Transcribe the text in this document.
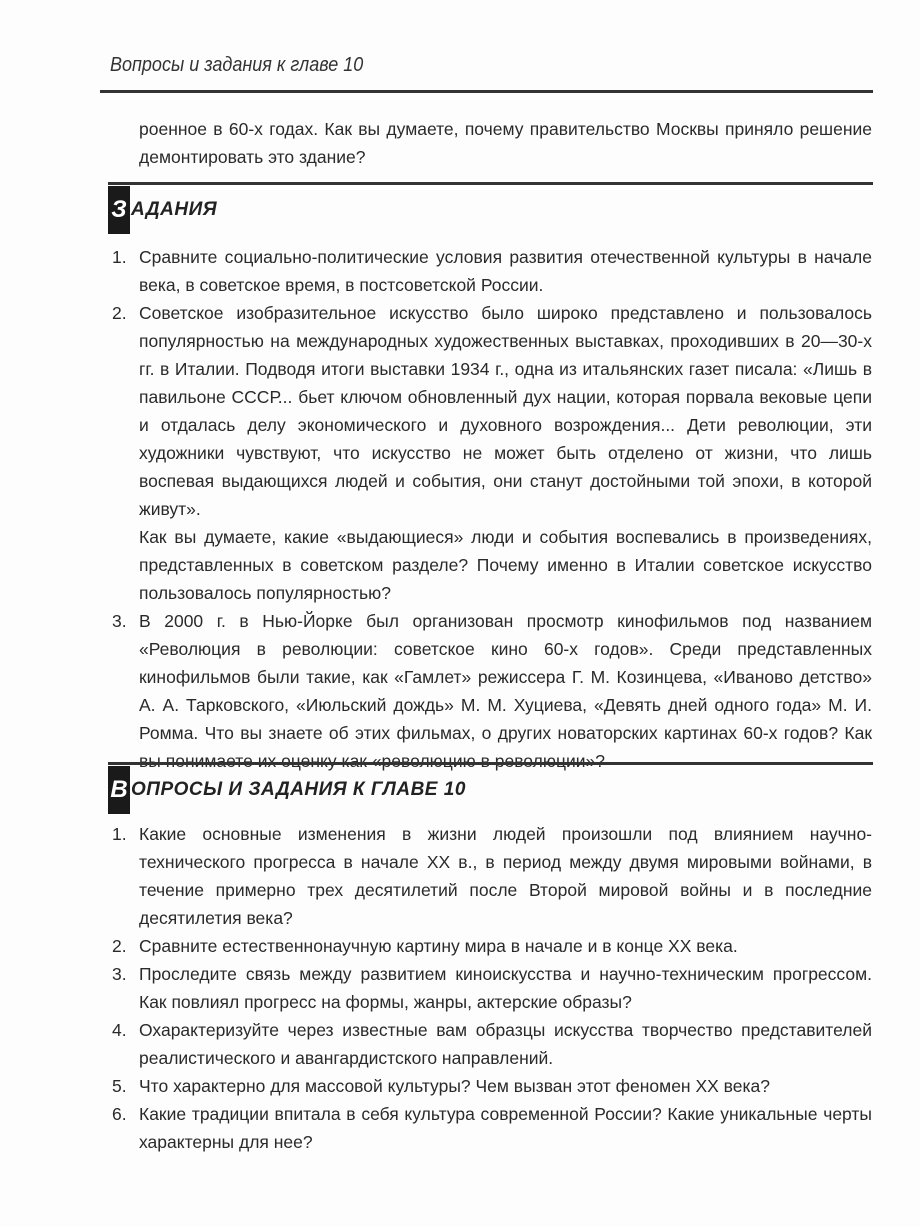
Вопросы и задания к главе 10
роенное в 60-х годах. Как вы думаете, почему правительство Москвы приняло решение демонтировать это здание?
З АДАНИЯ
1. Сравните социально-политические условия развития отечественной культуры в начале века, в советское время, в постсоветской России.
2. Советское изобразительное искусство было широко представлено и пользовалось популярностью на международных художественных выставках, проходивших в 20—30-х гг. в Италии. Подводя итоги выставки 1934 г., одна из итальянских газет писала: «Лишь в павильоне СССР... бьет ключом обновленный дух нации, которая порвала вековые цепи и отдалась делу экономического и духовного возрождения... Дети революции, эти художники чувствуют, что искусство не может быть отделено от жизни, что лишь воспевая выдающихся людей и события, они станут достойными той эпохи, в которой живут».
Как вы думаете, какие «выдающиеся» люди и события воспевались в произведениях, представленных в советском разделе? Почему именно в Италии советское искусство пользовалось популярностью?
3. В 2000 г. в Нью-Йорке был организован просмотр кинофильмов под названием «Революция в революции: советское кино 60-х годов». Среди представленных кинофильмов были такие, как «Гамлет» режиссера Г. М. Козинцева, «Иваново детство» А. А. Тарковского, «Июльский дождь» М. М. Хуциева, «Девять дней одного года» М. И. Ромма. Что вы знаете об этих фильмах, о других новаторских картинах 60-х годов? Как вы понимаете их оценку как «революцию в революции»?
В ОПРОСЫ И ЗАДАНИЯ К ГЛАВЕ 10
1. Какие основные изменения в жизни людей произошли под влиянием научно-технического прогресса в начале XX в., в период между двумя мировыми войнами, в течение примерно трех десятилетий после Второй мировой войны и в последние десятилетия века?
2. Сравните естественнонаучную картину мира в начале и в конце XX века.
3. Проследите связь между развитием киноискусства и научно-техническим прогрессом. Как повлиял прогресс на формы, жанры, актерские образы?
4. Охарактеризуйте через известные вам образцы искусства творчество представителей реалистического и авангардистского направлений.
5. Что характерно для массовой культуры? Чем вызван этот феномен XX века?
6. Какие традиции впитала в себя культура современной России? Какие уникальные черты характерны для нее?
